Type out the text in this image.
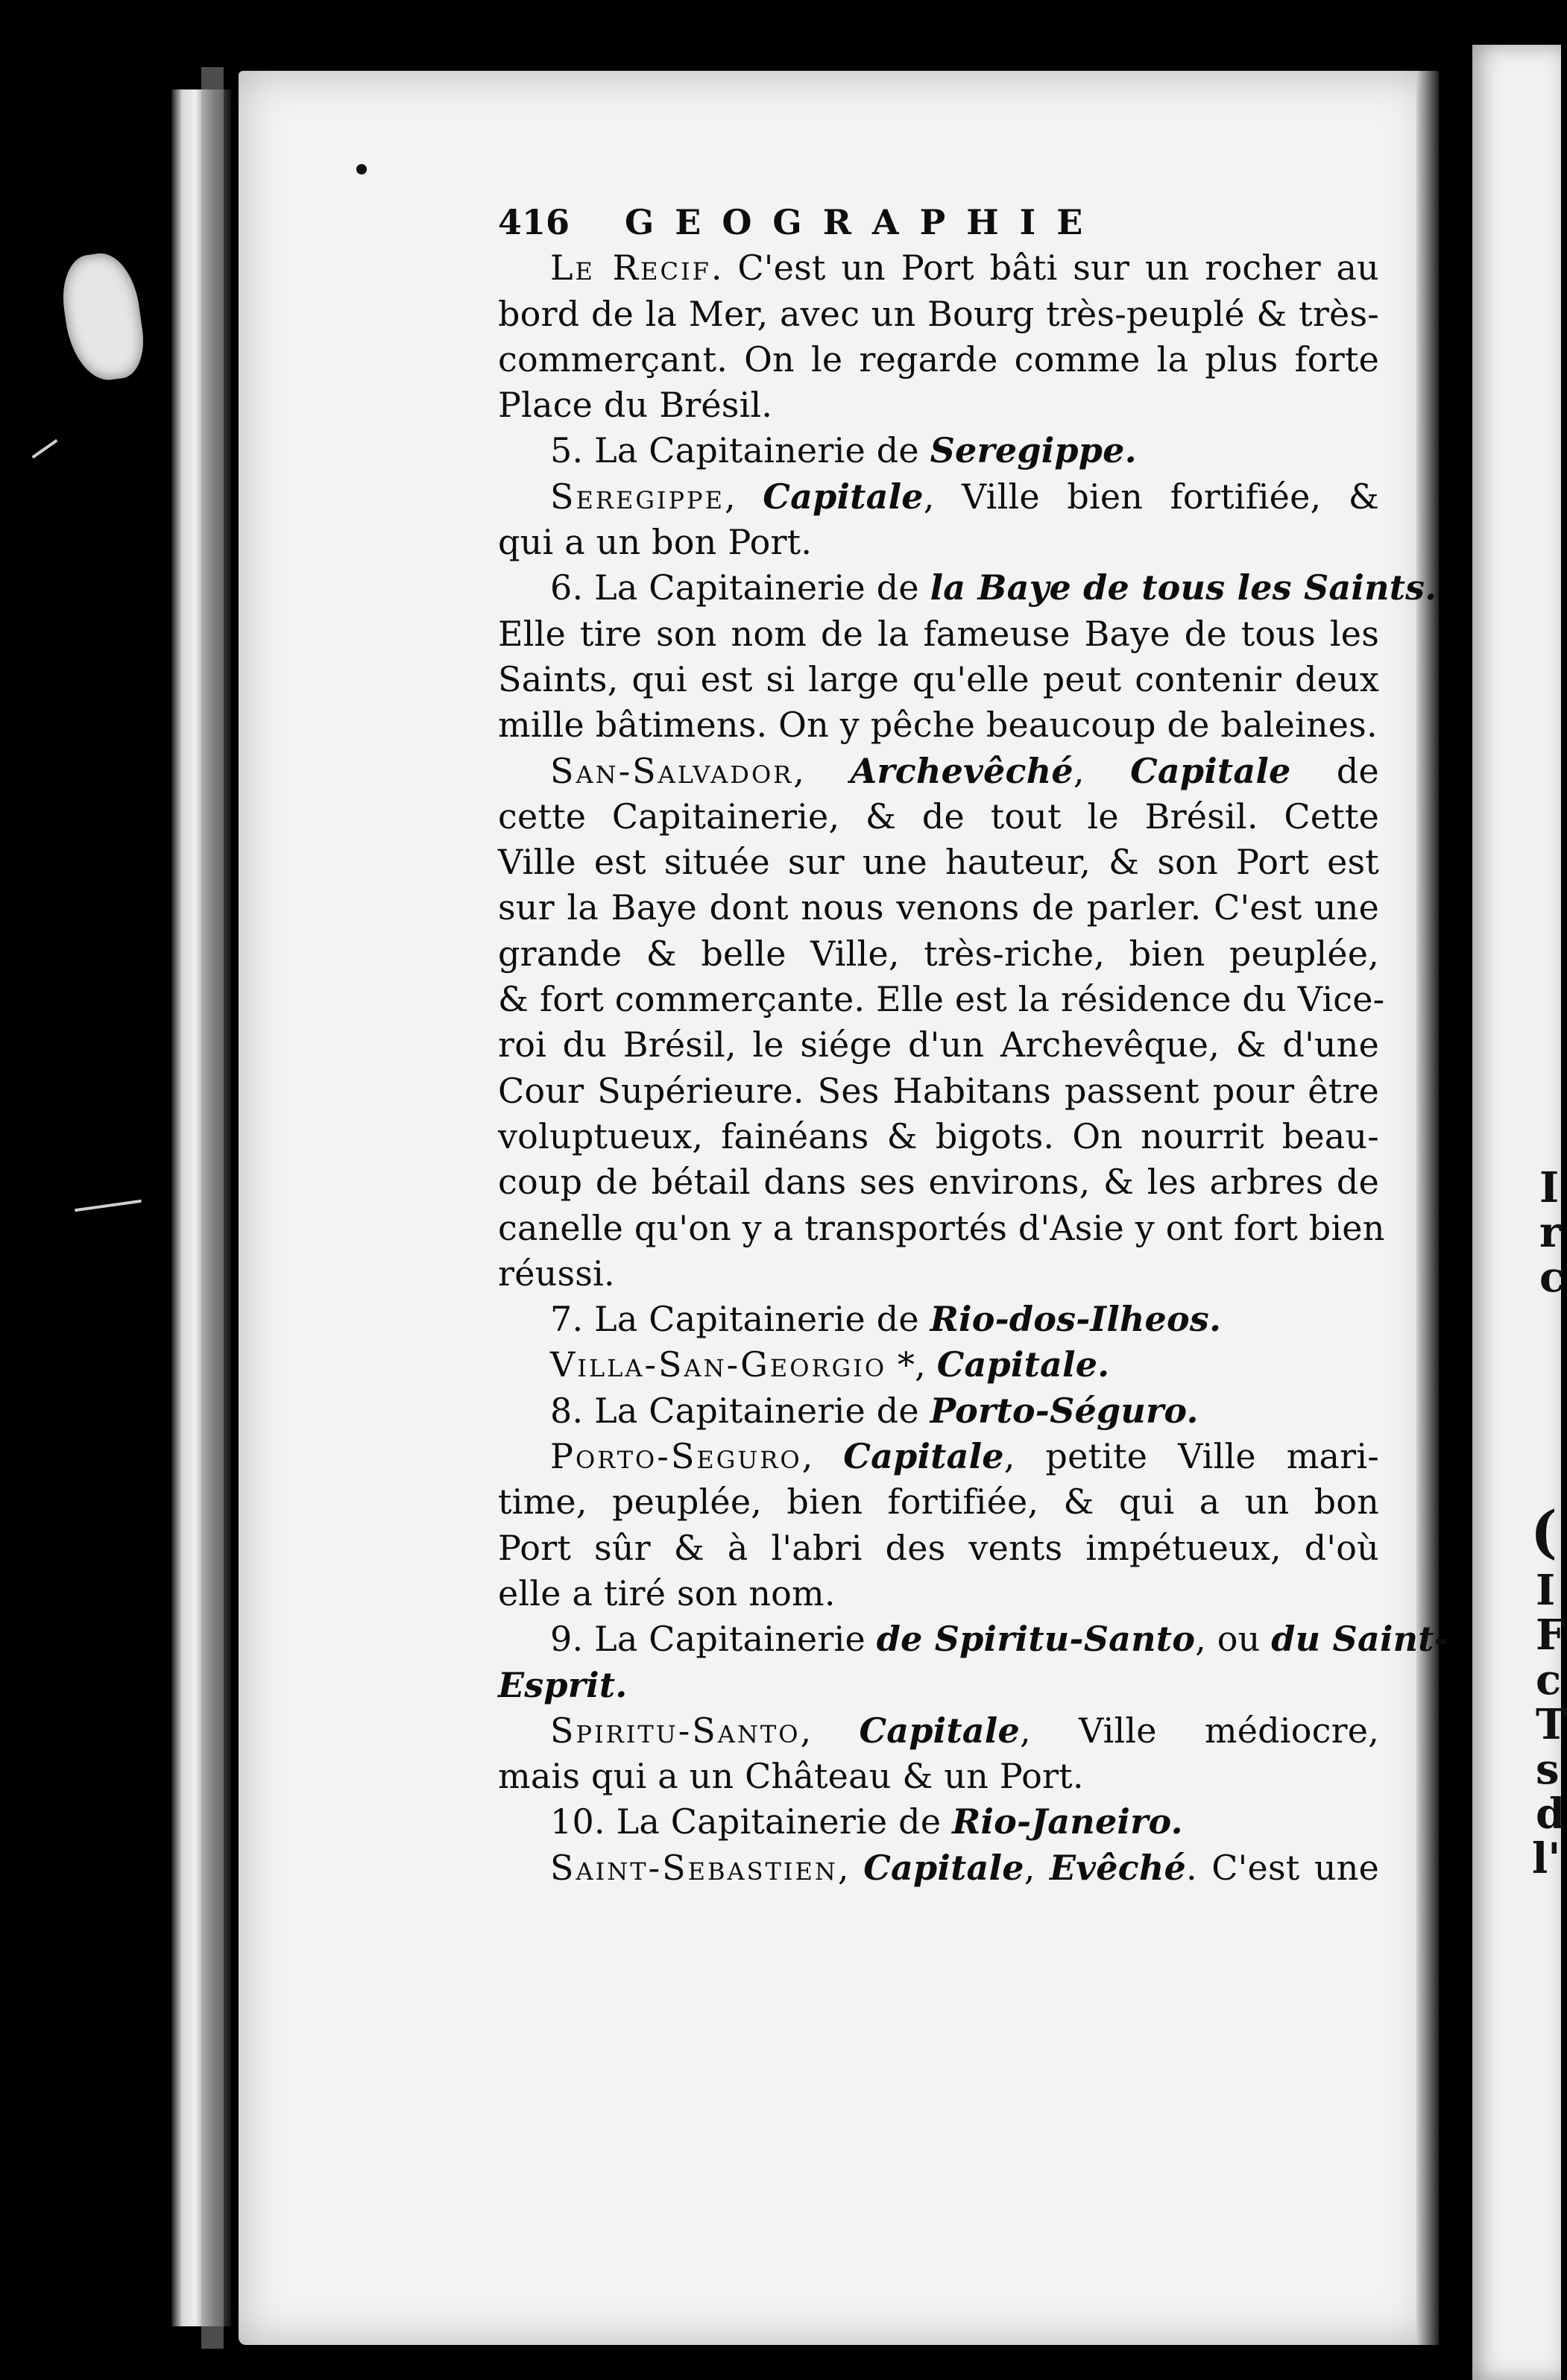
I
r
c
(
I
F
c
T
s
d
l'
416	GEOGRAPHIE
Le Recif. C'est un Port bâti sur un rocher au
bord de la Mer, avec un Bourg très-peuplé & très-
commerçant. On le regarde comme la plus forte
Place du Brésil.
5. La Capitainerie de Seregippe.
Seregippe, Capitale, Ville bien fortifiée, &
qui a un bon Port.
6. La Capitainerie de la Baye de tous les Saints.
Elle tire son nom de la fameuse Baye de tous les
Saints, qui est si large qu'elle peut contenir deux
mille bâtimens. On y pêche beaucoup de baleines.
San-Salvador, Archevêché, Capitale de
cette Capitainerie, & de tout le Brésil. Cette
Ville est située sur une hauteur, & son Port est
sur la Baye dont nous venons de parler. C'est une
grande & belle Ville, très-riche, bien peuplée,
& fort commerçante. Elle est la résidence du Vice-
roi du Brésil, le siége d'un Archevêque, & d'une
Cour Supérieure. Ses Habitans passent pour être
voluptueux, fainéans & bigots. On nourrit beau-
coup de bétail dans ses environs, & les arbres de
canelle qu'on y a transportés d'Asie y ont fort bien
réussi.
7. La Capitainerie de Rio-dos-Ilheos.
Villa-San-Georgio *, Capitale.
8. La Capitainerie de Porto-Séguro.
Porto-Seguro, Capitale, petite Ville mari-
time, peuplée, bien fortifiée, & qui a un bon
Port sûr & à l'abri des vents impétueux, d'où
elle a tiré son nom.
9. La Capitainerie de Spiritu-Santo, ou du Saint-
Esprit.
Spiritu-Santo, Capitale, Ville médiocre,
mais qui a un Château & un Port.
10. La Capitainerie de Rio-Janeiro.
Saint-Sebastien, Capitale, Evêché. C'est une
